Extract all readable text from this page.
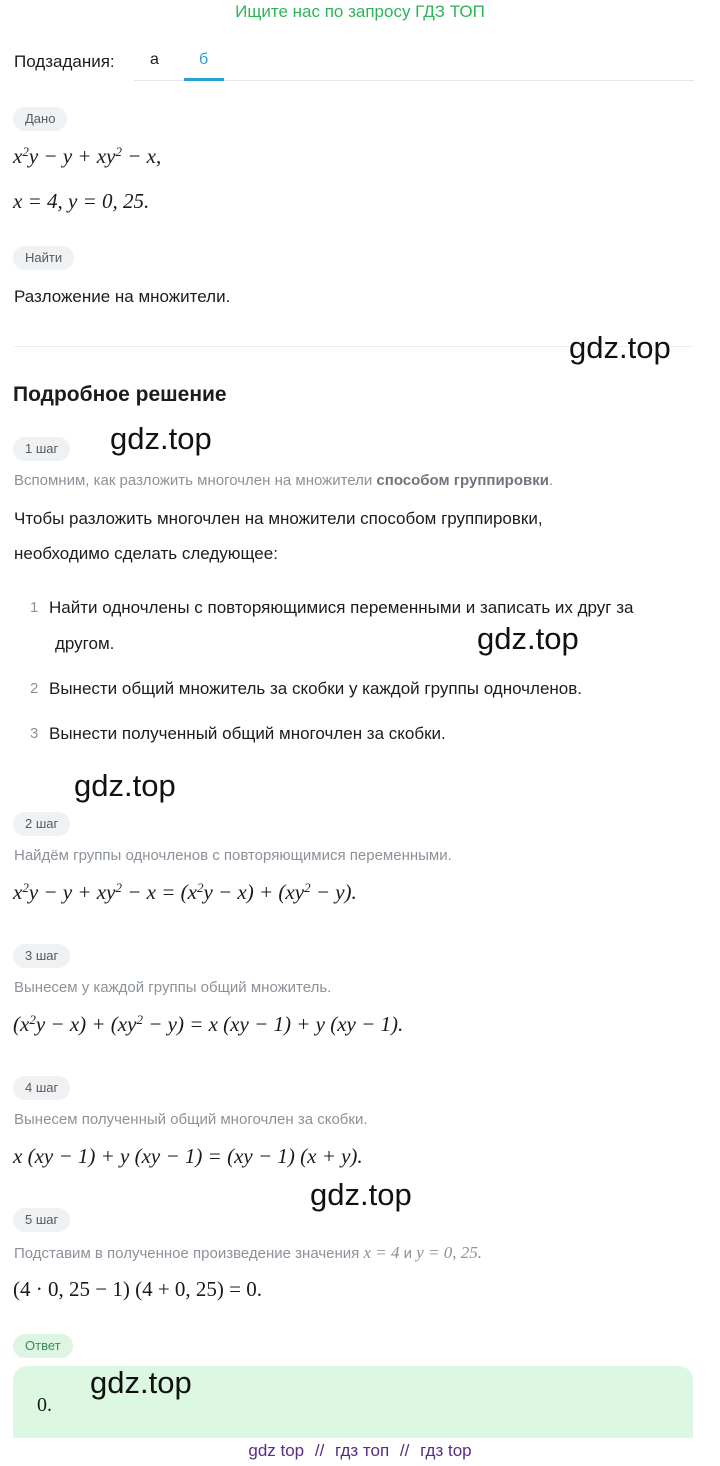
Ищите нас по запросу ГДЗ ТОП
Подзадания: а	б
Дано
$x^2y - y + xy^2 - x$,
x = 4, y = 0, 25.
Найти
Разложение на множители.
Подробное решение
1 шаг
Вспомним, как разложить многочлен на множители способом группировки.
Чтобы разложить многочлен на множители способом группировки,
необходимо сделать следующее:
1 Найти одночлены с повторяющимися переменными и записать их друг за
другом.
2 Вынести общий множитель за скобки у каждой группы одночленов.
3 Вынести полученный общий многочлен за скобки.
2 шаг
Найдём группы одночленов с повторяющимися переменными.
$x^2y - y + xy^2 - x = (x^2y - x) + (xy^2 - y)$.
3 шаг
Вынесем у каждой группы общий множитель.
$(x^2y - x) + (xy^2 - y) = x$ (xy − 1) + y (xy − 1).
4 шаг
Вынесем полученный общий многочлен за скобки.
x (xy − 1) + y (xy − 1) = (xy − 1) (x + y).
5 шаг
Подставим в полученное произведение значения x = 4 и y = 0, 25.
(4 · 0, 25 − 1) (4 + 0, 25) = 0.
Ответ
0.
gdz.top
gdz.top
gdz.top
gdz.top
gdz.top
gdz.top
gdz top // гдз топ // гдз top
